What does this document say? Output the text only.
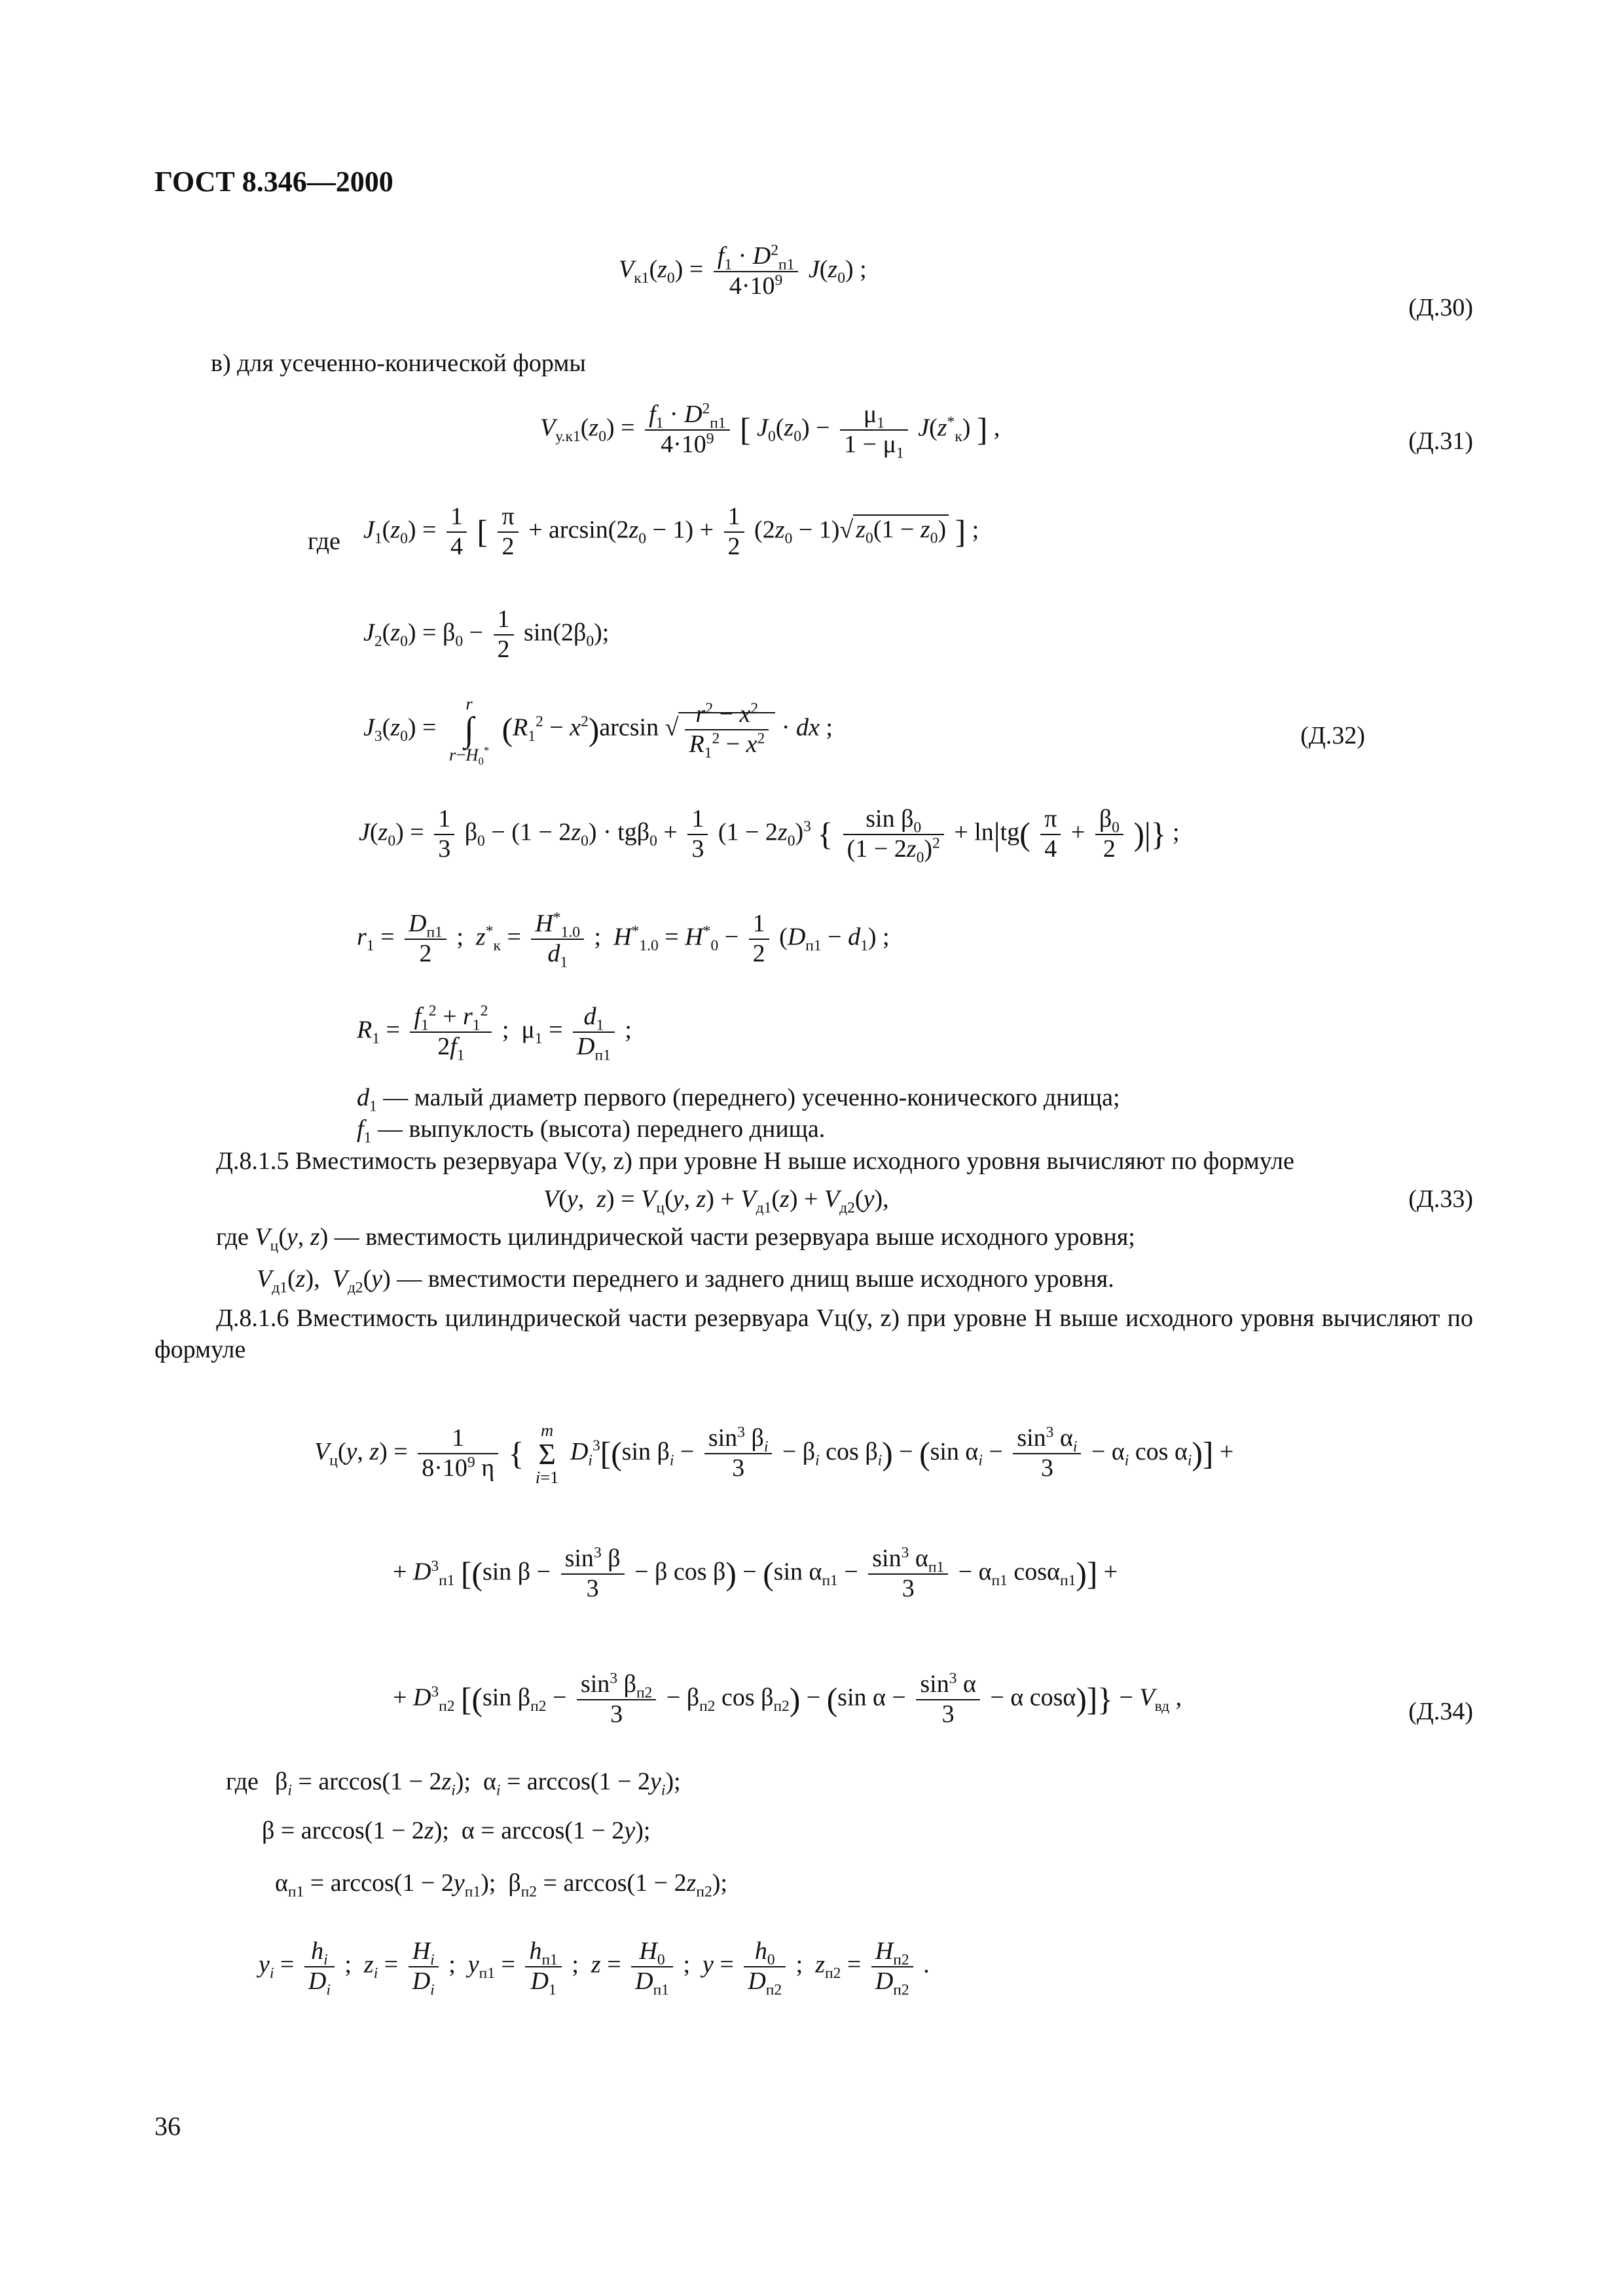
ГОСТ 8.346—2000
$V_{к1}(z_0) = \frac{f_1 \cdot D^2_{п1}}{4\cdot 10^9} J(z_0)$ ;
(Д.30)
в) для усеченно-конической формы
$V_{у.к1}(z_0) = \frac{f_1 \cdot D^2_{п1}}{4\cdot 10^9}$ [ $J_0(z_0) - \frac{\mu_1}{1 - \mu_1} J(z^*_к)$ ] ,	(Д.31)
где $J_1(z_0) = \frac{1}{4}$ [ $\frac{\pi}{2} + \arcsin(2z_0 - 1) + \frac{1}{2} (2z_0 - 1)√$ $z_0(1 - z_0)$ ] ;
$J_2(z_0) = \beta_0 - \frac{1}{2} \sin(2\beta_0)$;
$J_3(z_0)$ =
r
∫
$r-H_0^*$
$(R_1^2 - x^2)\arcsin$ √ $\frac{r^2 - x^2}{R_1^2 - x^2}$ · dx ;	(Д.32)
$J(z_0) = \frac{1}{3} \beta_0 - (1 - 2z_0) \cdot tg\beta_0 + \frac{1}{3} (1 - 2z_0)^3$ { $\frac{\sin \beta_0}{(1 - 2z_0)^2} + \ln|tg( \frac{\pi}{4} + \frac{\beta_0}{2}$ )|} ;
$r_1 = \frac{D_{п1}}{2}$ ;  $z^*_к = \frac{H^*_{1.0}}{d_1}$ ;  $H^*_{1.0} = H^*_0 - \frac{1}{2} (D_{п1} - d_1)$ ;
$R_1 = \frac{f_1^2 + r_1^2}{2f_1}$ ;  $\mu_1 = \frac{d_1}{D_{п1}}$ ;
$d_1$ — малый диаметр первого (переднего) усеченно-конического днища;
$f_1$ — выпуклость (высота) переднего днища.
Д.8.1.5 Вместимость резервуара V(y, z) при уровне H выше исходного уровня вычисляют по формуле
V(y,  $z) = V_ц(y$, $z) + V_{д1}(z) + V_{д2}(y)$,	(Д.33)
где $V_ц(y$, z) — вместимость цилиндрической части резервуара выше исходного уровня;
$V_{д1}(z)$,  $V_{д2}(y)$ — вместимости переднего и заднего днищ выше исходного уровня.
Д.8.1.6 Вместимость цилиндрической части резервуара Vц(y, z) при уровне H выше исходного уровня вычисляют по формуле
$V_ц(y$, $z) = \frac{1}{8\cdot 10^9 \eta}$ {
m
Σ
i=1
$D_i^3[(\sin$ $\beta_i - \frac{\sin^3 \beta_i}{3} - \beta_i$ $\cos \beta_i) - (\sin$ $\alpha_i - \frac{\sin^3 \alpha_i}{3} - \alpha_i$ $\cos \alpha_i$)] +
+ $D^3_{п1}$ [(sin $\beta - \frac{\sin^3 \beta}{3} - \beta$ cos β) − (sin $\alpha_{п1} - \frac{\sin^3 \alpha_{п1}}{3} - \alpha_{п1}$ cosα$_{п1}$)] +
+ $D^3_{п2}$ [(sin $\beta_{п2} - \frac{\sin^3 \beta_{п2}}{3} - \beta_{п2}$ $\cos \beta_{п2}) - (\sin$ $\alpha - \frac{\sin^3 \alpha}{3} - \alpha$ $\cos\alpha)]\} - V_{вд}$ ,
(Д.34)
где $\beta_i = \arccos(1 - 2z_i)$;  $\alpha_i = \arccos(1 - 2y_i)$;
β = arccos(1 − 2z);  α = arccos(1 − 2y);
$\alpha_{п1} = \arccos(1 - 2y_{п1})$;  $\beta_{п2} = \arccos(1 - 2z_{п2})$;
$y_i = \frac{h_i}{D_i}$ ;  $z_i = \frac{H_i}{D_i}$ ;  $y_{п1} = \frac{h_{п1}}{D_1}$ ;  $z = \frac{H_0}{D_{п1}}$ ;  $y = \frac{h_0}{D_{п2}}$ ;  $z_{п2} = \frac{H_{п2}}{D_{п2}}$ .
36
